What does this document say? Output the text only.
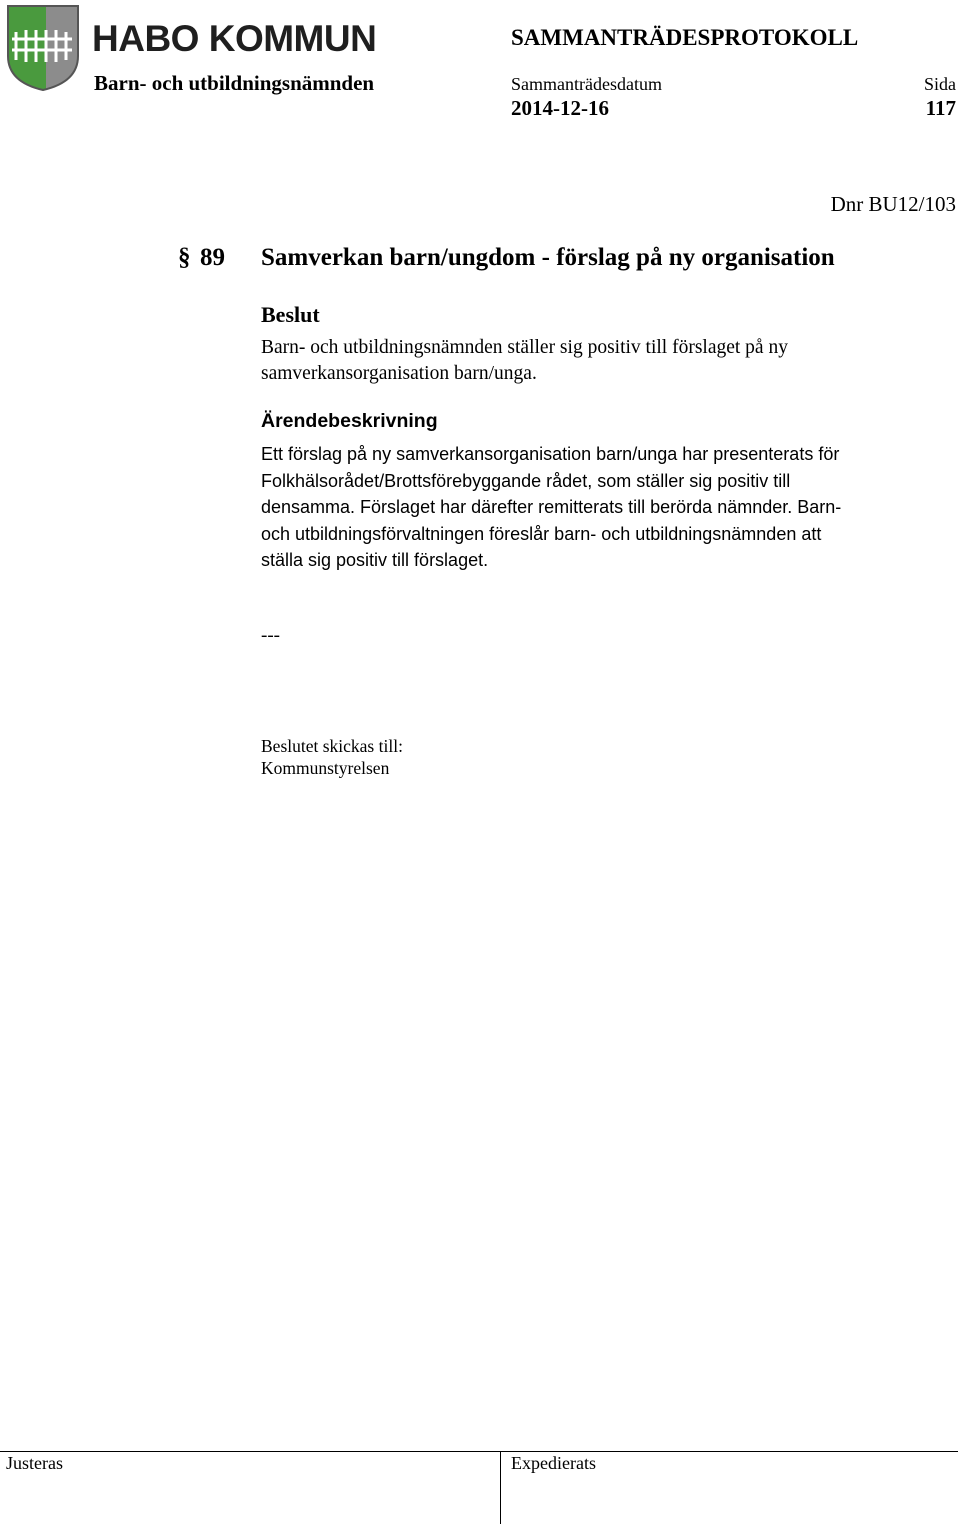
HABO KOMMUN	SAMMANTRÄDESPROTOKOLL
Barn- och utbildningsnämnden	Sammanträdesdatum
2014-12-16
Sida
117
Dnr BU12/103
§ 89 Samverkan barn/ungdom - förslag på ny organisation
Beslut
Barn- och utbildningsnämnden ställer sig positiv till förslaget på ny samverkansorganisation barn/unga.
Ärendebeskrivning
Ett förslag på ny samverkansorganisation barn/unga har presenterats för
Folkhälsorådet/Brottsförebyggande rådet, som ställer sig positiv till
densamma. Förslaget har därefter remitterats till berörda nämnder. Barn-
och utbildningsförvaltningen föreslår barn- och utbildningsnämnden att
ställa sig positiv till förslaget.
---
Beslutet skickas till:
Kommunstyrelsen
Justeras	Expedierats
